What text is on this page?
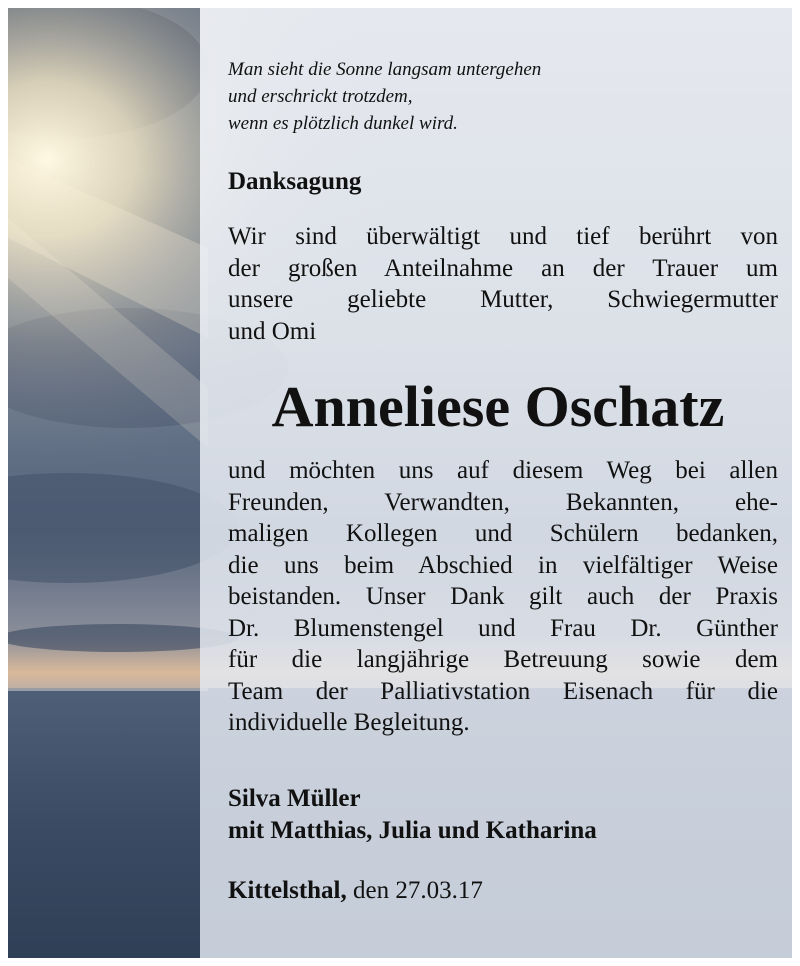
Man sieht die Sonne langsam untergehen
und erschrickt trotzdem,
wenn es plötzlich dunkel wird.
Danksagung
Wir sind überwältigt und tief berührt von
der großen Anteilnahme an der Trauer um
unsere geliebte Mutter, Schwiegermutter
und Omi
Anneliese Oschatz
und möchten uns auf diesem Weg bei allen
Freunden, Verwandten, Bekannten, ehe-
maligen Kollegen und Schülern bedanken,
die uns beim Abschied in vielfältiger Weise
beistanden. Unser Dank gilt auch der Praxis
Dr. Blumenstengel und Frau Dr. Günther
für die langjährige Betreuung sowie dem
Team der Palliativstation Eisenach für die
individuelle Begleitung.
Silva Müller
mit Matthias, Julia und Katharina
Kittelsthal, den 27.03.17
